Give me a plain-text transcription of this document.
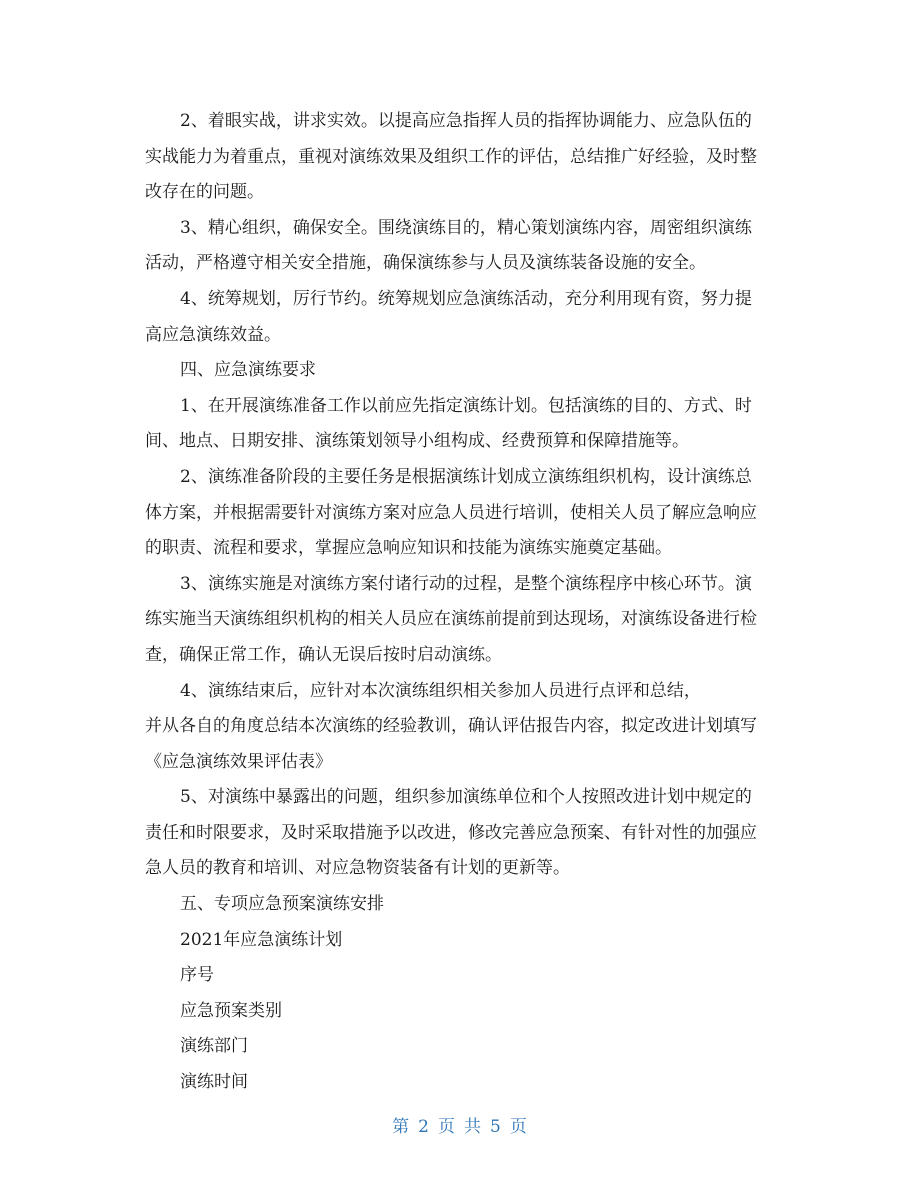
2、着眼实战，讲求实效。以提高应急指挥人员的指挥协调能力、应急队伍的
实战能力为着重点，重视对演练效果及组织工作的评估，总结推广好经验，及时整
改存在的问题。

3、精心组织，确保安全。围绕演练目的，精心策划演练内容，周密组织演练
活动，严格遵守相关安全措施，确保演练参与人员及演练装备设施的安全。

4、统筹规划，厉行节约。统筹规划应急演练活动，充分利用现有资，努力提
高应急演练效益。

四、应急演练要求

1、在开展演练准备工作以前应先指定演练计划。包括演练的目的、方式、时
间、地点、日期安排、演练策划领导小组构成、经费预算和保障措施等。

2、演练准备阶段的主要任务是根据演练计划成立演练组织机构，设计演练总
体方案，并根据需要针对演练方案对应急人员进行培训，使相关人员了解应急响应
的职责、流程和要求，掌握应急响应知识和技能为演练实施奠定基础。

3、演练实施是对演练方案付诸行动的过程，是整个演练程序中核心环节。演
练实施当天演练组织机构的相关人员应在演练前提前到达现场，对演练设备进行检
查，确保正常工作，确认无误后按时启动演练。

4、演练结束后，应针对本次演练组织相关参加人员进行点评和总结，
并从各自的角度总结本次演练的经验教训，确认评估报告内容，拟定改进计划填写
《应急演练效果评估表》

5、对演练中暴露出的问题，组织参加演练单位和个人按照改进计划中规定的
责任和时限要求，及时采取措施予以改进，修改完善应急预案、有针对性的加强应
急人员的教育和培训、对应急物资装备有计划的更新等。

五、专项应急预案演练安排

2021年应急演练计划

序号

应急预案类别

演练部门

演练时间

第 2 页 共 5 页
